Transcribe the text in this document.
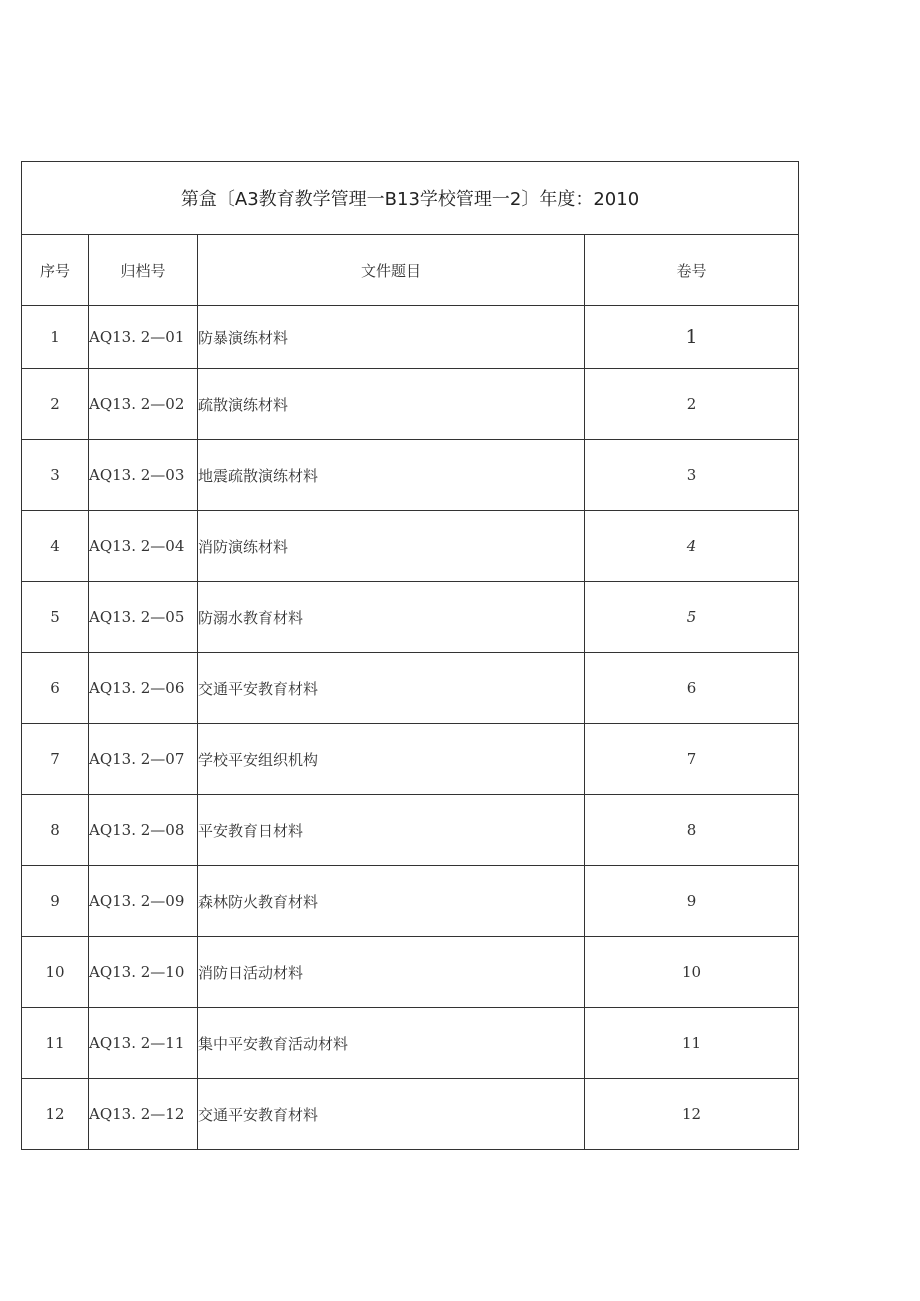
第盒〔A3教育教学管理一B13学校管理一2〕年度：2010			
序号	归档号	文件题目	卷号
1	AQ13. 2—01	防暴演练材料	1
2	AQ13. 2—02	疏散演练材料	2
3	AQ13. 2—03	地震疏散演练材料	3
4	AQ13. 2—04	消防演练材料	4
5	AQ13. 2—05	防溺水教育材料	5
6	AQ13. 2—06	交通平安教育材料	6
7	AQ13. 2—07	学校平安组织机构	7
8	AQ13. 2—08	平安教育日材料	8
9	AQ13. 2—09	森林防火教育材料	9
10	AQ13. 2—10	消防日活动材料	10
11	AQ13. 2—11	集中平安教育活动材料	11
12	AQ13. 2—12	交通平安教育材料	12
